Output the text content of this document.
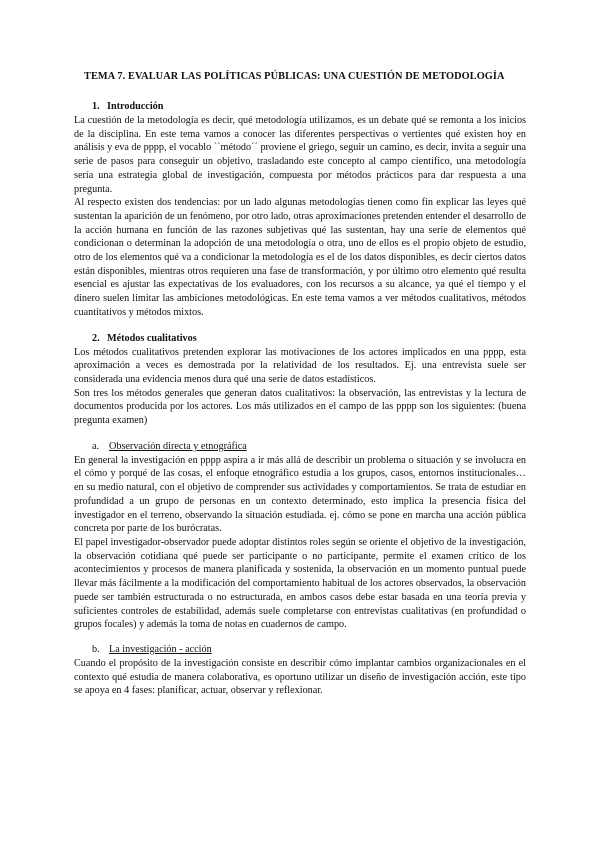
TEMA 7. EVALUAR LAS POLÍTICAS PÚBLICAS: UNA CUESTIÓN DE METODOLOGÍA
1. Introducción

La cuestión de la metodología es decir, qué metodología utilizamos, es un debate qué se remonta a los inicios de la disciplina. En este tema vamos a conocer las diferentes perspectivas o vertientes qué existen hoy en análisis y eva de pppp, el vocablo ``método´´ proviene el griego, seguir un camino, es decir, invita a seguir una serie de pasos para conseguir un objetivo, trasladando este concepto al campo científico, una metodología sería una estrategia global de investigación, compuesta por métodos prácticos para dar respuesta a una pregunta.

Al respecto existen dos tendencias: por un lado algunas metodologías tienen como fin explicar las leyes qué sustentan la aparición de un fenómeno, por otro lado, otras aproximaciones pretenden entender el desarrollo de la acción humana en función de las razones subjetivas qué las sustentan, hay una serie de elementos qué condicionan o determinan la adopción de una metodología o otra, uno de ellos es el propio objeto de estudio, otro de los elementos qué va a condicionar la metodología es el de los datos disponibles, es decir ciertos datos están disponibles, mientras otros requieren una fase de transformación, y por último otro elemento qué resulta esencial es ajustar las expectativas de los evaluadores, con los recursos a su alcance, ya qué el tiempo y el dinero suelen limitar las ambiciones metodológicas. En este tema vamos a ver métodos cualitativos, métodos cuantitativos y métodos mixtos.

2. Métodos cualitativos

Los métodos cualitativos pretenden explorar las motivaciones de los actores implicados en una pppp, esta aproximación a veces es demostrada por la relatividad de los resultados. Ej. una entrevista suele ser considerada una evidencia menos dura qué una serie de datos estadísticos.

Son tres los métodos generales que generan datos cualitativos: la observación, las entrevistas y la lectura de documentos producida por los actores. Los más utilizados en el campo de las pppp son los siguientes: (buena pregunta examen)

a. Observación directa y etnográfica

En general la investigación en pppp aspira a ir más allá de describir un problema o situación y se involucra en el cómo y porqué de las cosas, el enfoque etnográfico estudia a los grupos, casos, entornos institucionales… en su medio natural, con el objetivo de comprender sus actividades y comportamientos. Se trata de estudiar en profundidad a un grupo de personas en un contexto determinado, esto implica la presencia física del investigador en el terreno, observando la situación estudiada. ej. cómo se pone en marcha una acción pública concreta por parte de los burócratas.

El papel investigador-observador puede adoptar distintos roles según se oriente el objetivo de la investigación, la observación cotidiana qué puede ser participante o no participante, permite el examen crítico de los acontecimientos y procesos de manera planificada y sostenida, la observación en un momento puntual puede llevar más fácilmente a la modificación del comportamiento habitual de los actores observados, la observación puede ser también estructurada o no estructurada, en ambos casos debe estar basada en una teoría previa y suficientes controles de estabilidad, además suele completarse con entrevistas cualitativas (en profundidad o grupos focales) y además la toma de notas en cuadernos de campo.

b. La investigación - acción

Cuando el propósito de la investigación consiste en describir cómo implantar cambios organizacionales en el contexto qué estudia de manera colaborativa, es oportuno utilizar un diseño de investigación acción, este tipo se apoya en 4 fases: planificar, actuar, observar y reflexionar.
